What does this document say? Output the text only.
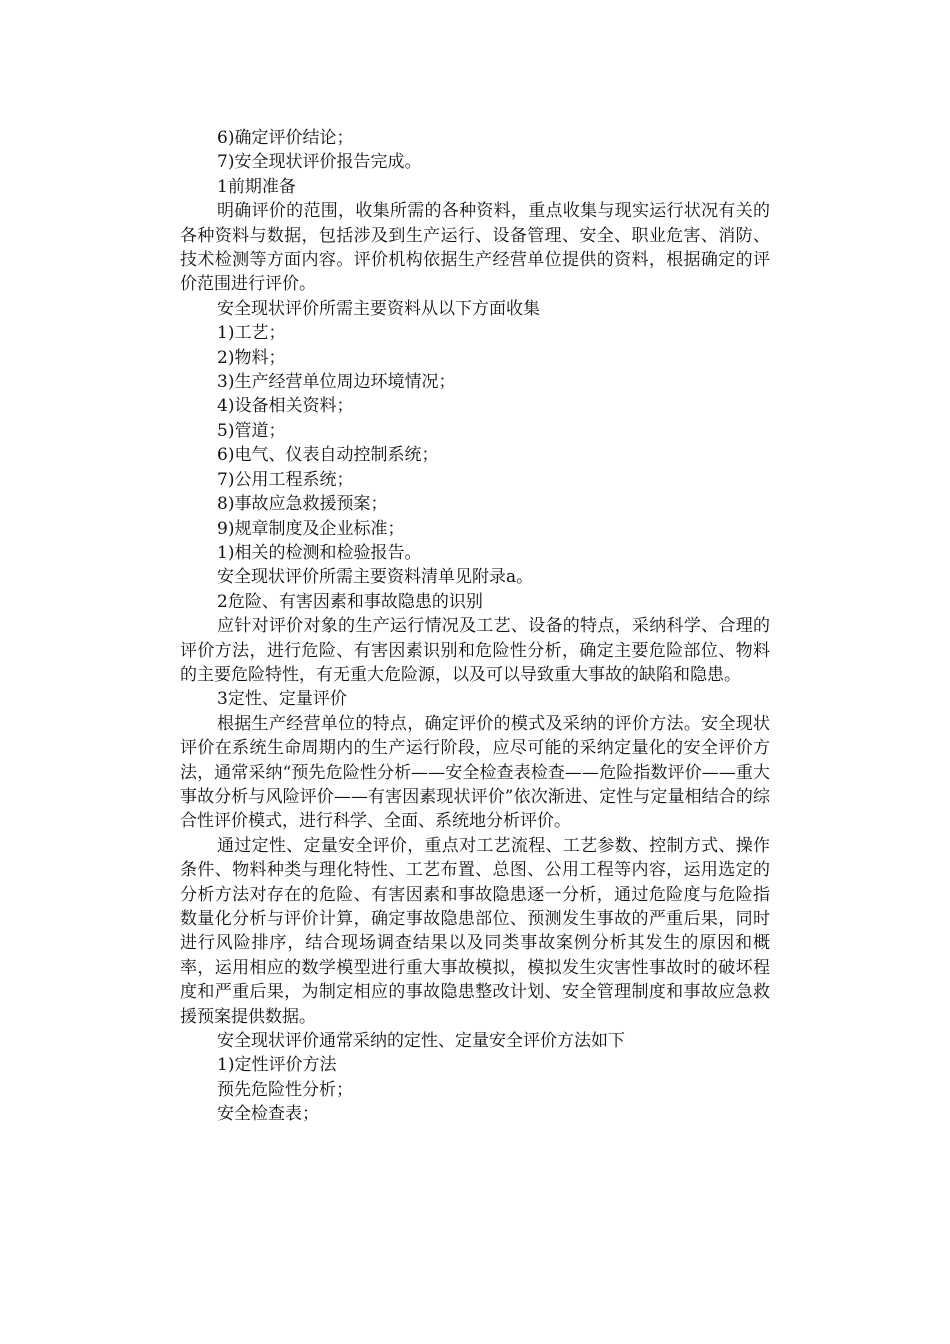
6)确定评价结论；

7)安全现状评价报告完成。

1前期准备

明确评价的范围，收集所需的各种资料，重点收集与现实运行状况有关的各种资料与数据，包括涉及到生产运行、设备管理、安全、职业危害、消防、技术检测等方面内容。评价机构依据生产经营单位提供的资料，根据确定的评价范围进行评价。

安全现状评价所需主要资料从以下方面收集

1)工艺；

2)物料；

3)生产经营单位周边环境情况；

4)设备相关资料；

5)管道；

6)电气、仪表自动控制系统；

7)公用工程系统；

8)事故应急救援预案；

9)规章制度及企业标准；

1)相关的检测和检验报告。

安全现状评价所需主要资料清单见附录a。

2危险、有害因素和事故隐患的识别

应针对评价对象的生产运行情况及工艺、设备的特点，采纳科学、合理的评价方法，进行危险、有害因素识别和危险性分析，确定主要危险部位、物料的主要危险特性，有无重大危险源，以及可以导致重大事故的缺陷和隐患。

3定性、定量评价

根据生产经营单位的特点，确定评价的模式及采纳的评价方法。安全现状评价在系统生命周期内的生产运行阶段，应尽可能的采纳定量化的安全评价方法，通常采纳“预先危险性分析——安全检查表检查——危险指数评价——重大事故分析与风险评价——有害因素现状评价”依次渐进、定性与定量相结合的综合性评价模式，进行科学、全面、系统地分析评价。

通过定性、定量安全评价，重点对工艺流程、工艺参数、控制方式、操作条件、物料种类与理化特性、工艺布置、总图、公用工程等内容，运用选定的分析方法对存在的危险、有害因素和事故隐患逐一分析，通过危险度与危险指数量化分析与评价计算，确定事故隐患部位、预测发生事故的严重后果，同时进行风险排序，结合现场调查结果以及同类事故案例分析其发生的原因和概率，运用相应的数学模型进行重大事故模拟，模拟发生灾害性事故时的破坏程度和严重后果，为制定相应的事故隐患整改计划、安全管理制度和事故应急救援预案提供数据。

安全现状评价通常采纳的定性、定量安全评价方法如下

1)定性评价方法

预先危险性分析；

安全检查表；
